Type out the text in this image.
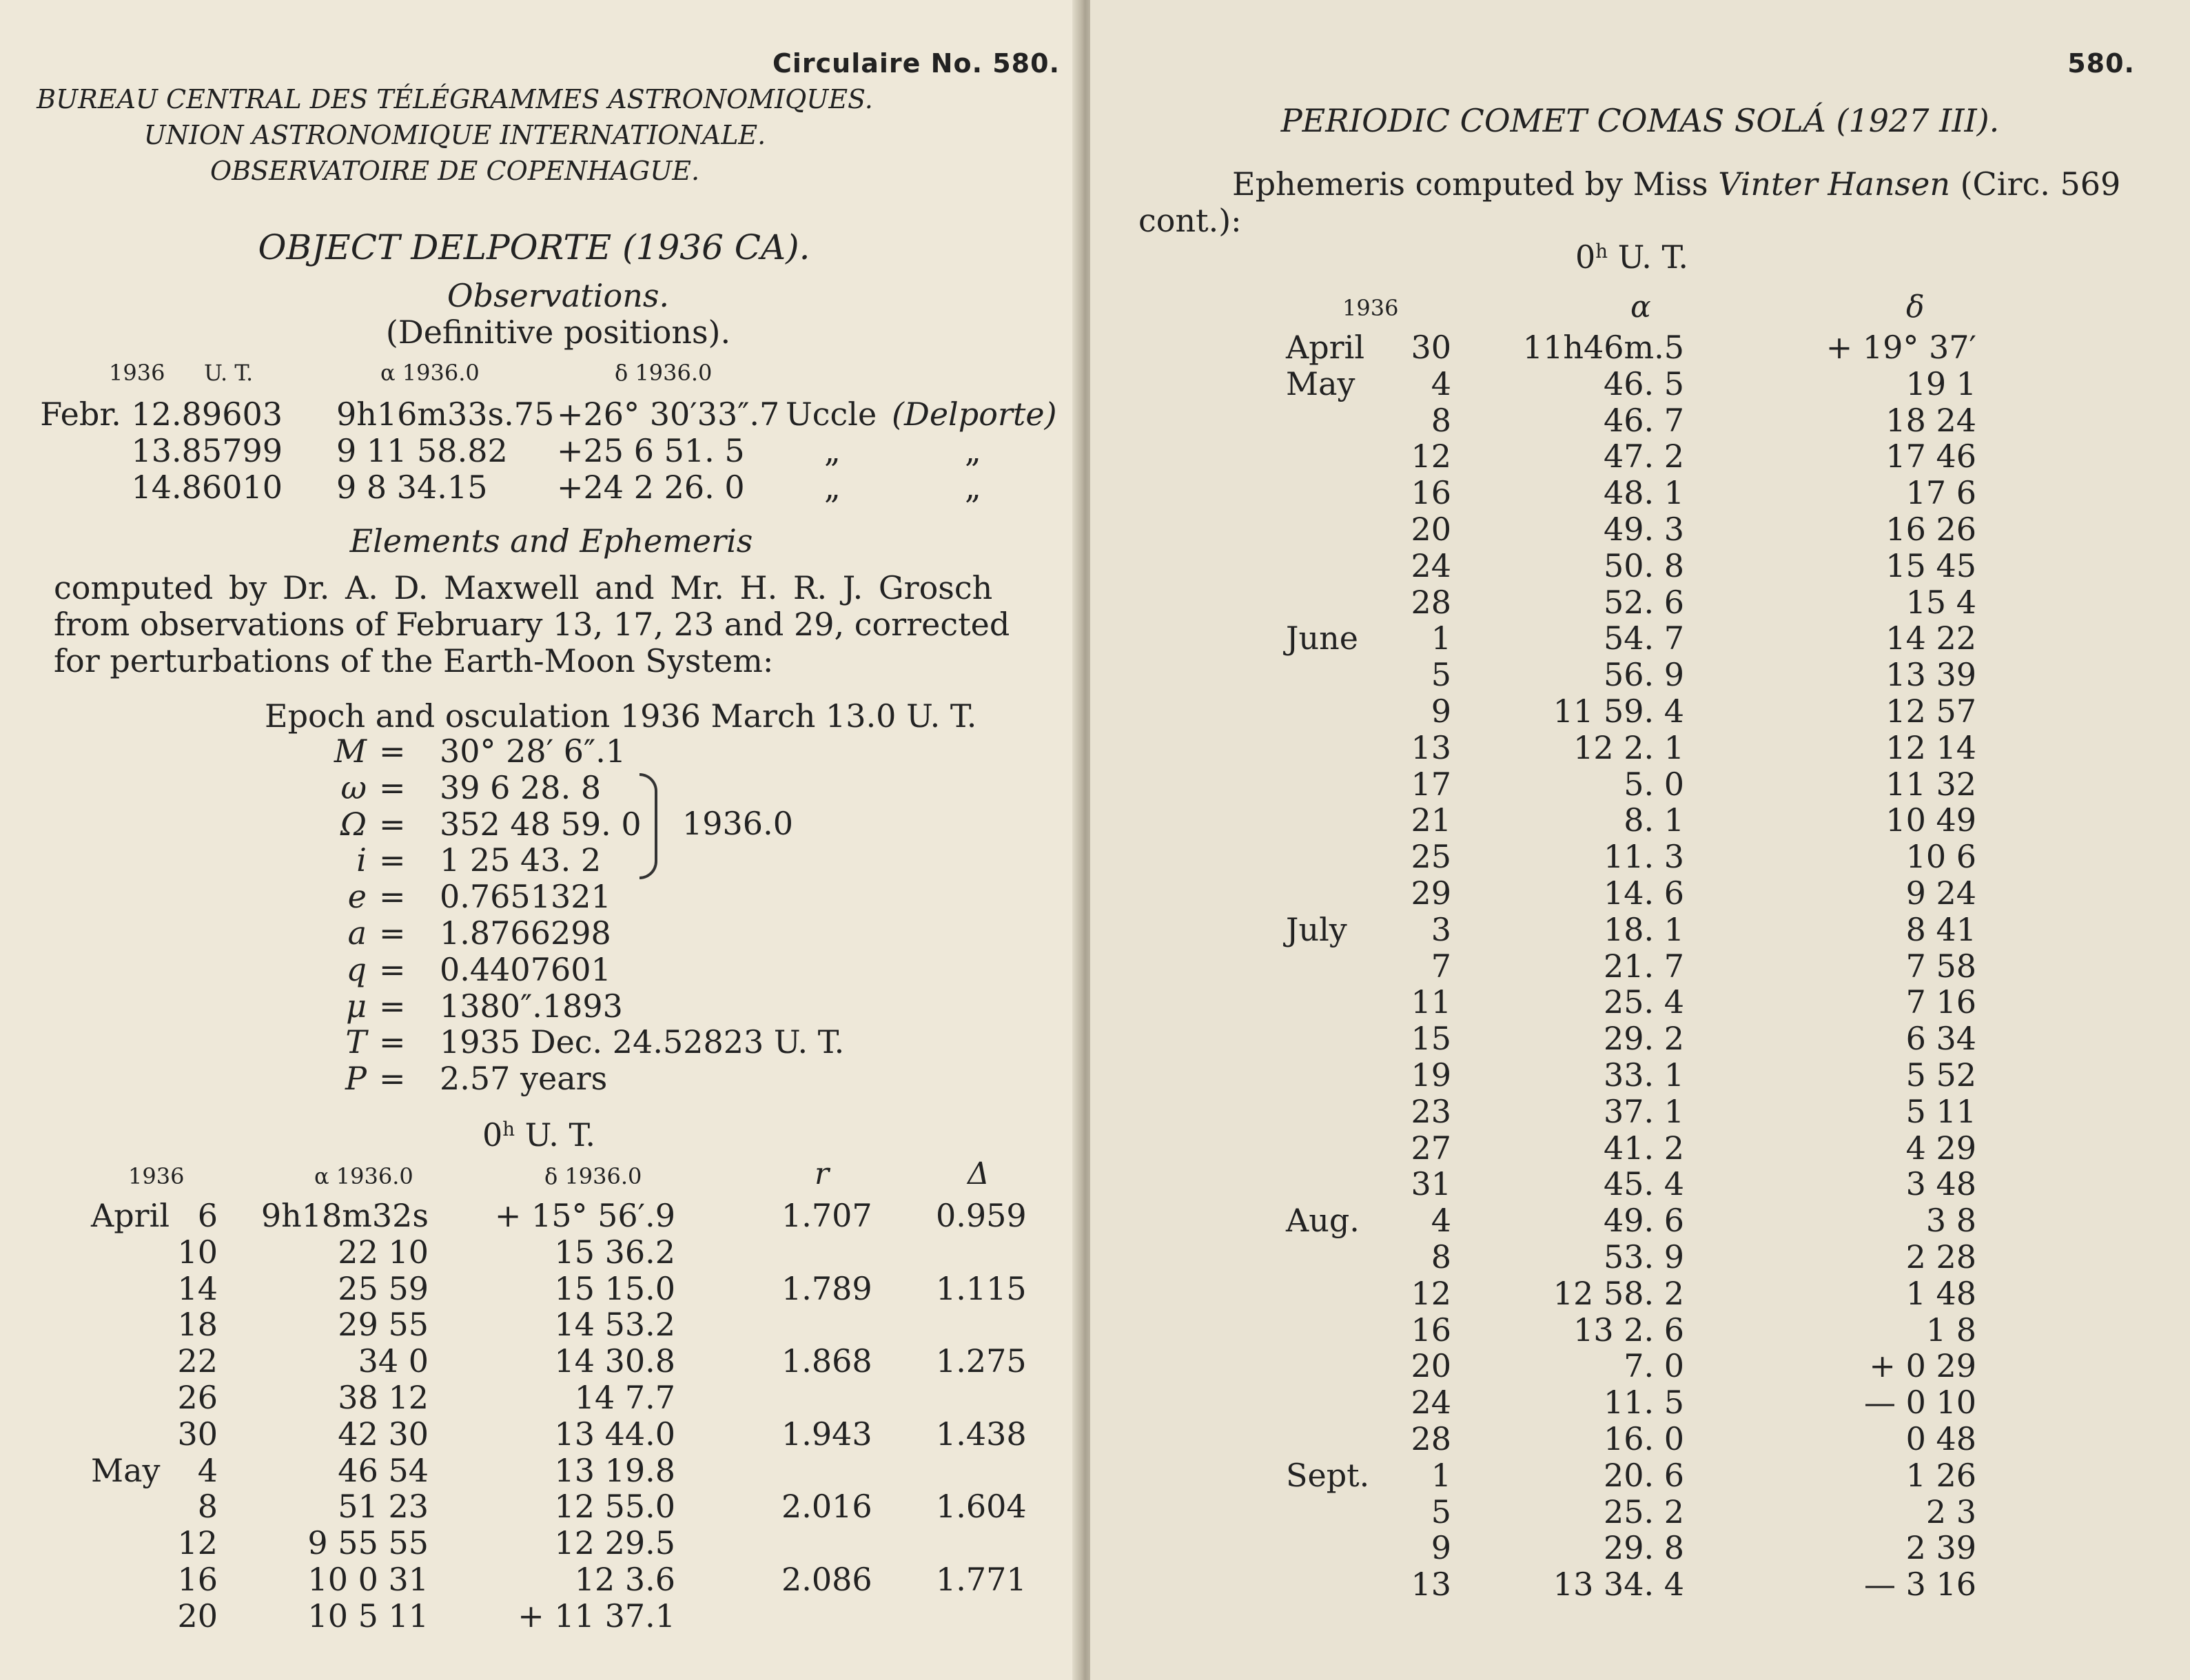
Circulaire No. 580.
BUREAU CENTRAL DES TÉLÉGRAMMES ASTRONOMIQUES.
UNION ASTRONOMIQUE INTERNATIONALE.
OBSERVATOIRE DE COPENHAGUE.
OBJECT DELPORTE (1936 CA).
Observations.
(Definitive positions).
1936 U. T.	α 1936.0	δ 1936.0
Febr. 12.89603 9h16m33s.75 +26° 30′33″.7 Uccle (Delporte)
13.85799 9 11 58.82 +25 6 51. 5	„	„
14.86010 9 8 34.15 +24 2 26. 0	„	„
Elements and Ephemeris
computed by Dr. A. D. Maxwell and Mr. H. R. J. Grosch
from observations of February 13, 17, 23 and 29, corrected
for perturbations of the Earth-Moon System:
Epoch and osculation 1936 March 13.0 U. T.
M = 30° 28′ 6″.1
ω = 39 6 28. 8
Ω = 352 48 59. 0
i = 1 25 43. 2
e = 0.7651321
a = 1.8766298
q = 0.4407601
μ = 1380″.1893
T = 1935 Dec. 24.52823 U. T.
P = 2.57 years
1936.0
0$^h$ U. T.
1936	α 1936.0	δ 1936.0	r	Δ
April 6	9h18m32s	+ 15° 56′.9	1.707 0.959
10	22 10	15 36.2
14	25 59	15 15.0	1.789 1.115
18	29 55	14 53.2
22	34 0	14 30.8	1.868 1.275
26	38 12	14 7.7
30	42 30	13 44.0	1.943 1.438
May	4	46 54	13 19.8
8	51 23	12 55.0	2.016 1.604
12	9 55 55	12 29.5
16	10 0 31	12 3.6	2.086 1.771
20	10 5 11	+ 11 37.1
580.
PERIODIC COMET COMAS SOLÁ (1927 III).
Ephemeris computed by Miss Vinter Hansen (Circ. 569
cont.):
0$^h$ U. T.
1936	α	δ
April	30	11h46m.5	+ 19° 37′
May	4	46. 5	19 1
8	46. 7	18 24
12	47. 2	17 46
16	48. 1	17 6
20	49. 3	16 26
24	50. 8	15 45
28	52. 6	15 4
June	1	54. 7	14 22
5	56. 9	13 39
9	11 59. 4	12 57
13	12 2. 1	12 14
17	5. 0	11 32
21	8. 1	10 49
25	11. 3	10 6
29	14. 6	9 24
July	3	18. 1	8 41
7	21. 7	7 58
11	25. 4	7 16
15	29. 2	6 34
19	33. 1	5 52
23	37. 1	5 11
27	41. 2	4 29
31	45. 4	3 48
Aug.	4	49. 6	3 8
8	53. 9	2 28
12	12 58. 2	1 48
16	13 2. 6	1 8
20	7. 0	+ 0 29
24	11. 5	— 0 10
28	16. 0	0 48
Sept.	1	20. 6	1 26
5	25. 2	2 3
9	29. 8	2 39
13	13 34. 4	— 3 16
